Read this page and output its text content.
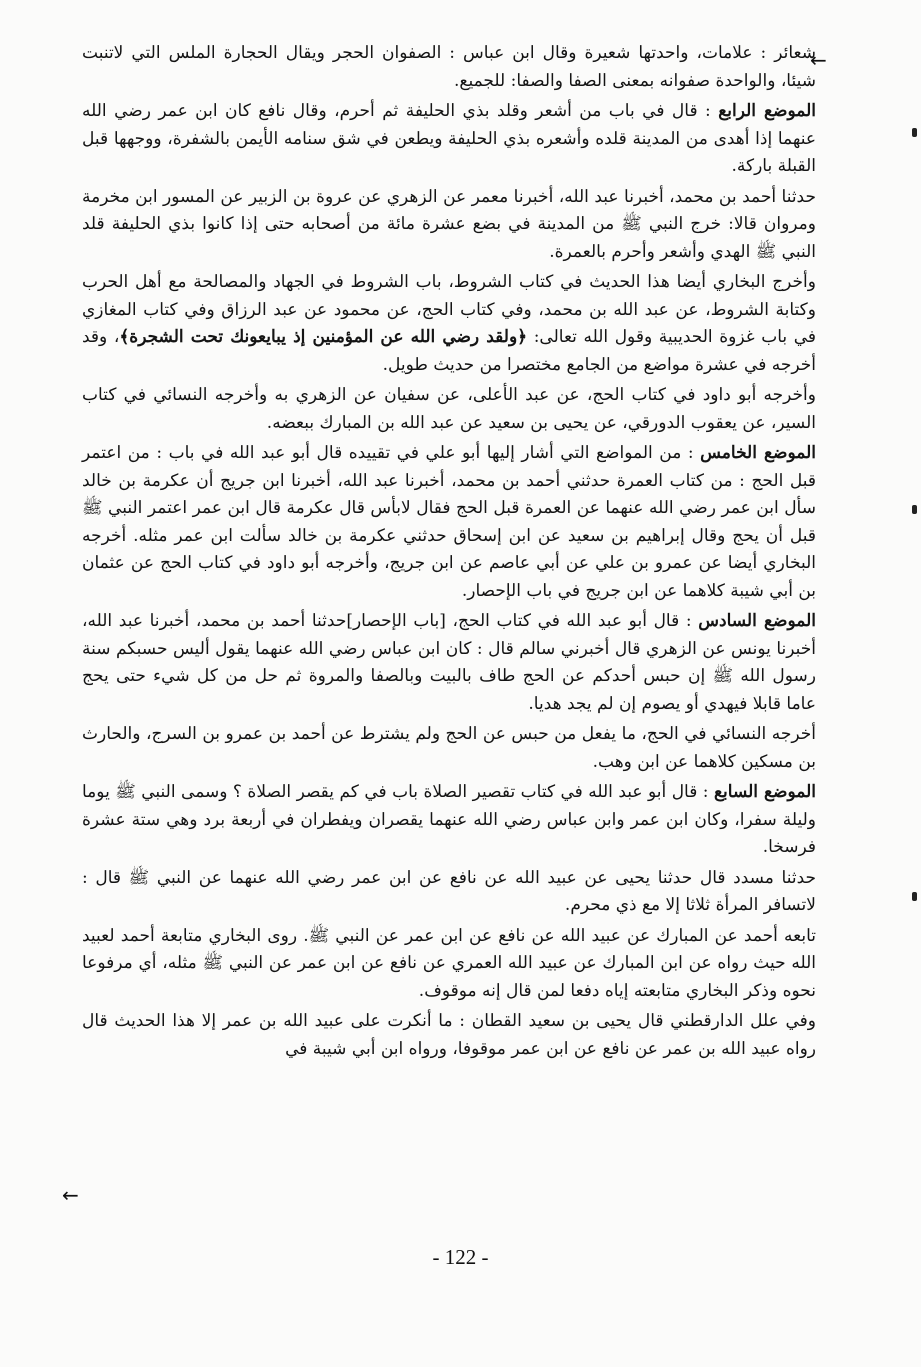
←

شعائر : علامات، واحدتها شعيرة وقال ابن عباس : الصفوان الحجر ويقال الحجارة الملس التي لاتنبت شيئا، والواحدة صفوانه بمعنى الصفا والصفا: للجميع.

الموضع الرابع : قال في باب من أشعر وقلد بذي الحليفة ثم أحرم، وقال نافع كان ابن عمر رضي الله عنهما إذا أهدى من المدينة قلده وأشعره بذي الحليفة ويطعن في شق سنامه الأيمن بالشفرة، ووجهها قبل القبلة باركة.

حدثنا أحمد بن محمد، أخبرنا عبد الله، أخبرنا معمر عن الزهري عن عروة بن الزبير عن المسور ابن مخرمة ومروان قالا: خرج النبي ﷺ من المدينة في بضع عشرة مائة من أصحابه حتى إذا كانوا بذي الحليفة قلد النبي ﷺ الهدي وأشعر وأحرم بالعمرة.

وأخرج البخاري أيضا هذا الحديث في كتاب الشروط، باب الشروط في الجهاد والمصالحة مع أهل الحرب وكتابة الشروط، عن عبد الله بن محمد، وفي كتاب الحج، عن محمود عن عبد الرزاق وفي كتاب المغازي في باب غزوة الحديبية وقول الله تعالى: ﴿ولقد رضي الله عن المؤمنين إذ يبايعونك تحت الشجرة﴾، وقد أخرجه في عشرة مواضع من الجامع مختصرا من حديث طويل.

وأخرجه أبو داود في كتاب الحج، عن عبد الأعلى، عن سفيان عن الزهري به وأخرجه النسائي في كتاب السير، عن يعقوب الدورقي، عن يحيى بن سعيد عن عبد الله بن المبارك ببعضه.

الموضع الخامس : من المواضع التي أشار إليها أبو علي في تقييده قال أبو عبد الله في باب : من اعتمر قبل الحج : من كتاب العمرة حدثني أحمد بن محمد، أخبرنا عبد الله، أخبرنا ابن جريج أن عكرمة بن خالد سأل ابن عمر رضي الله عنهما عن العمرة قبل الحج فقال لابأس قال عكرمة قال ابن عمر اعتمر النبي ﷺ قبل أن يحج وقال إبراهيم بن سعيد عن ابن إسحاق حدثني عكرمة بن خالد سألت ابن عمر مثله. أخرجه البخاري أيضا عن عمرو بن علي عن أبي عاصم عن ابن جريج، وأخرجه أبو داود في كتاب الحج عن عثمان بن أبي شيبة كلاهما عن ابن جريج في باب الإحصار.

الموضع السادس : قال أبو عبد الله في كتاب الحج، [باب الإحصار]حدثنا أحمد بن محمد، أخبرنا عبد الله، أخبرنا يونس عن الزهري قال أخبرني سالم قال : كان ابن عباس رضي الله عنهما يقول أليس حسبكم سنة رسول الله ﷺ إن حبس أحدكم عن الحج طاف بالبيت وبالصفا والمروة ثم حل من كل شيء حتى يحج عاما قابلا فيهدي أو يصوم إن لم يجد هديا.

أخرجه النسائي في الحج، ما يفعل من حبس عن الحج ولم يشترط عن أحمد بن عمرو بن السرج، والحارث بن مسكين كلاهما عن ابن وهب.

الموضع السابع : قال أبو عبد الله في كتاب تقصير الصلاة باب في كم يقصر الصلاة ؟ وسمى النبي ﷺ يوما وليلة سفرا، وكان ابن عمر وابن عباس رضي الله عنهما يقصران ويفطران في أربعة برد وهي ستة عشرة فرسخا.

حدثنا مسدد قال حدثنا يحيى عن عبيد الله عن نافع عن ابن عمر رضي الله عنهما عن النبي ﷺ قال : لاتسافر المرأة ثلاثا إلا مع ذي محرم.

تابعه أحمد عن المبارك عن عبيد الله عن نافع عن ابن عمر عن النبي ﷺ. روى البخاري متابعة أحمد لعبيد الله حيث رواه عن ابن المبارك عن عبيد الله العمري عن نافع عن ابن عمر عن النبي ﷺ مثله، أي مرفوعا نحوه وذكر البخاري متابعته إياه دفعا لمن قال إنه موقوف.

وفي علل الدارقطني قال يحيى بن سعيد القطان : ما أنكرت على عبيد الله بن عمر إلا هذا الحديث قال رواه عبيد الله بن عمر عن نافع عن ابن عمر موقوفا، ورواه ابن أبي شيبة في

←
- 122 -
